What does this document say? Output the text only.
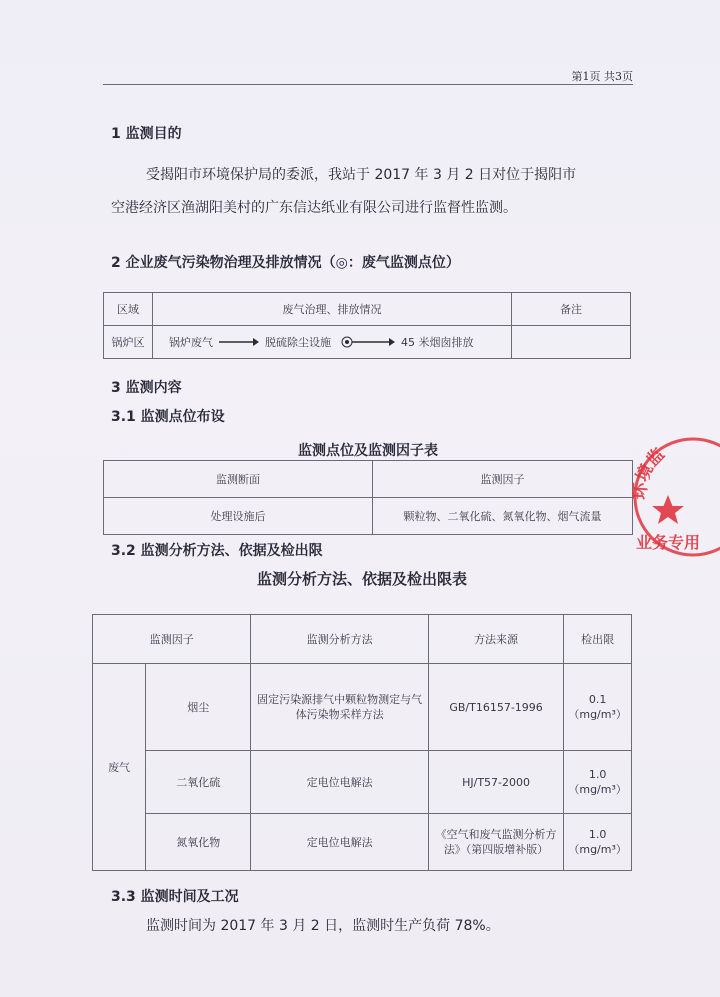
第1页 共3页
1 监测目的
受揭阳市环境保护局的委派，我站于 2017 年 3 月 2 日对位于揭阳市
空港经济区渔湖阳美村的广东信达纸业有限公司进行监督性监测。
2 企业废气污染物治理及排放情况（◎：废气监测点位）
区域	废气治理、排放情况	备注
锅炉区	锅炉废气 脱硫除尘设施 45 米烟囱排放	

3 监测内容
3.1 监测点位布设
监测点位及监测因子表
监测断面	监测因子
处理设施后	颗粒物、二氧化硫、氮氧化物、烟气流量
3.2 监测分析方法、依据及检出限
监测分析方法、依据及检出限表
监测因子		监测分析方法	方法来源	检出限
废气	烟尘	固定污染源排气中颗粒物测定与气体污染物采样方法	GB/T16157-1996	0.1（mg/m³）
	二氧化硫	定电位电解法	HJ/T57-2000	1.0（mg/m³）
	氮氧化物	定电位电解法	《空气和废气监测分析方法》（第四版增补版）	1.0（mg/m³）
3.3 监测时间及工况
监测时间为 2017 年 3 月 2 日，监测时生产负荷 78%。
环境监
业务专用
